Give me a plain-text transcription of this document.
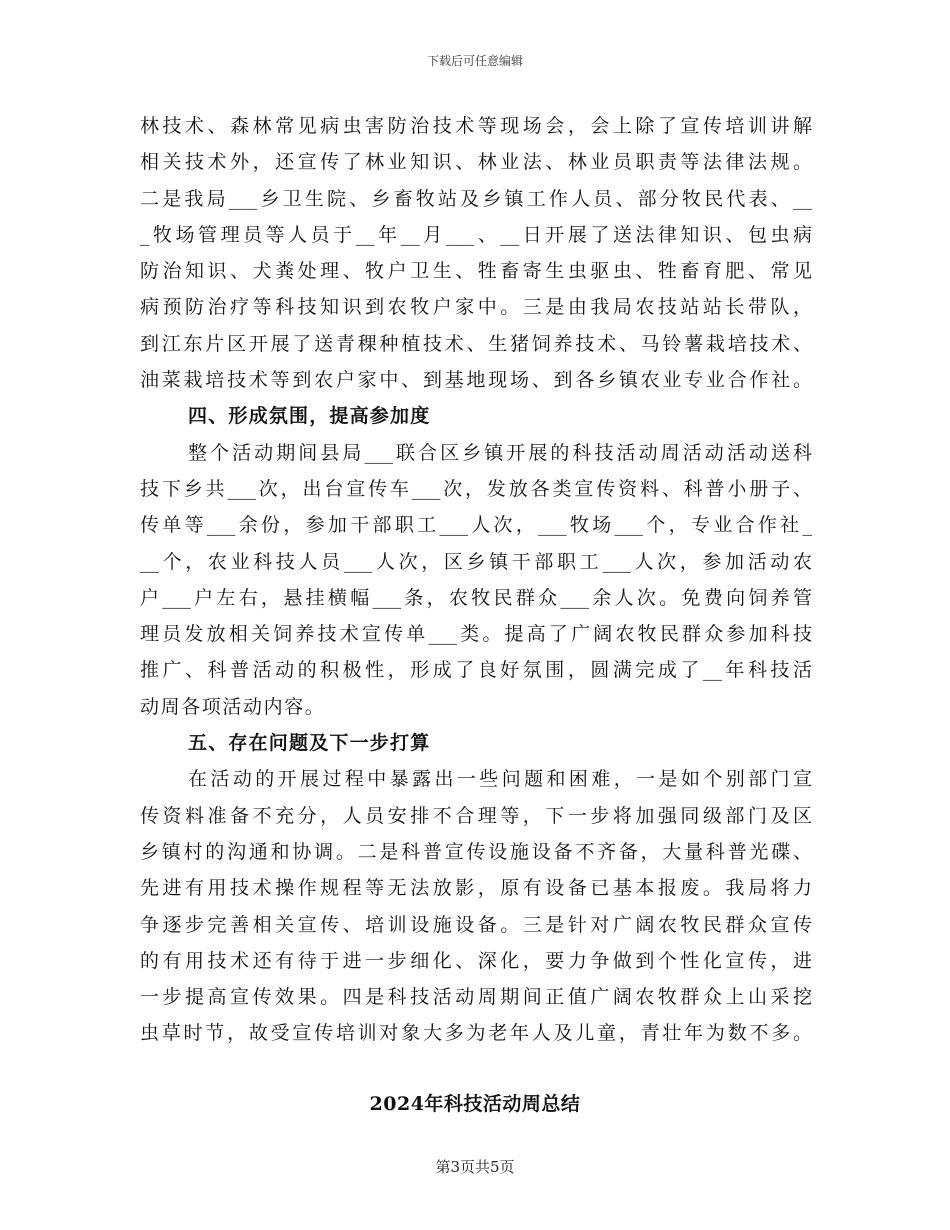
下载后可任意编辑
林技术、森林常见病虫害防治技术等现场会，会上除了宣传培训讲解
相关技术外，还宣传了林业知识、林业法、林业员职责等法律法规。
二是我局___乡卫生院、乡畜牧站及乡镇工作人员、部分牧民代表、__
_牧场管理员等人员于__年__月___、__日开展了送法律知识、包虫病
防治知识、犬粪处理、牧户卫生、牲畜寄生虫驱虫、牲畜育肥、常见
病预防治疗等科技知识到农牧户家中。三是由我局农技站站长带队，
到江东片区开展了送青稞种植技术、生猪饲养技术、马铃薯栽培技术、
油菜栽培技术等到农户家中、到基地现场、到各乡镇农业专业合作社。
四、形成氛围，提高参加度
整个活动期间县局___联合区乡镇开展的科技活动周活动活动送科
技下乡共___次，出台宣传车___次，发放各类宣传资料、科普小册子、
传单等___余份，参加干部职工___人次，___牧场___个，专业合作社_
__个，农业科技人员___人次，区乡镇干部职工___人次，参加活动农
户___户左右，悬挂横幅___条，农牧民群众___余人次。免费向饲养管
理员发放相关饲养技术宣传单___类。提高了广阔农牧民群众参加科技
推广、科普活动的积极性，形成了良好氛围，圆满完成了__年科技活
动周各项活动内容。
五、存在问题及下一步打算
在活动的开展过程中暴露出一些问题和困难，一是如个别部门宣
传资料准备不充分，人员安排不合理等，下一步将加强同级部门及区
乡镇村的沟通和协调。二是科普宣传设施设备不齐备，大量科普光碟、
先进有用技术操作规程等无法放影，原有设备已基本报废。我局将力
争逐步完善相关宣传、培训设施设备。三是针对广阔农牧民群众宣传
的有用技术还有待于进一步细化、深化，要力争做到个性化宣传，进
一步提高宣传效果。四是科技活动周期间正值广阔农牧群众上山采挖
虫草时节，故受宣传培训对象大多为老年人及儿童，青壮年为数不多。
2024年科技活动周总结
第3页共5页
